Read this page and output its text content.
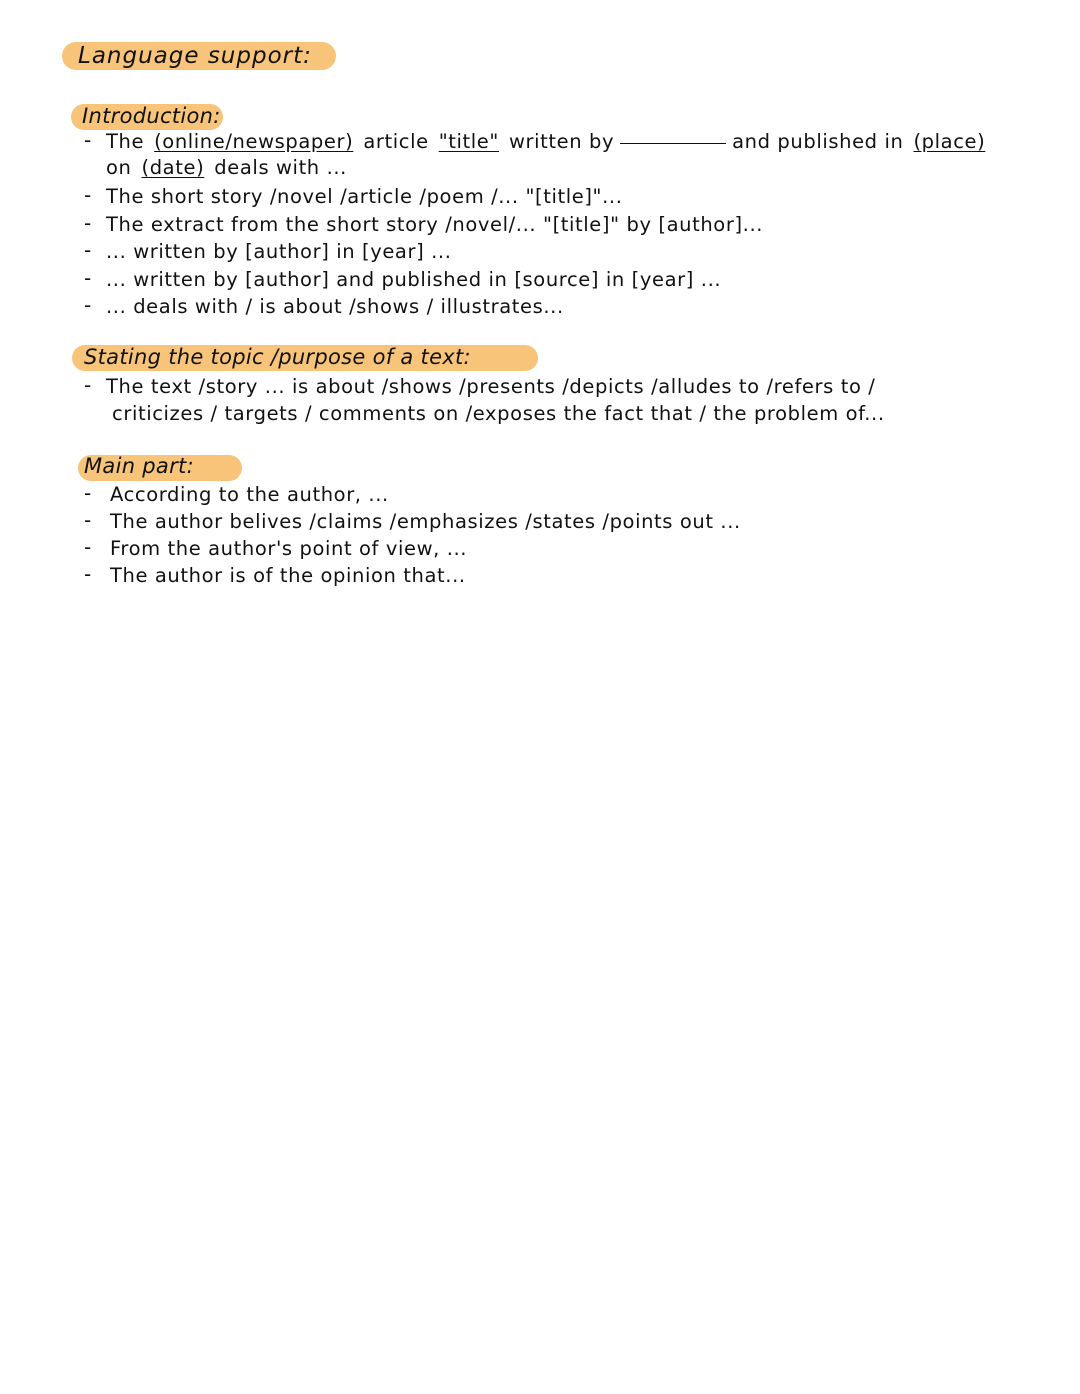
Language support:
Introduction:
- The (online/newspaper) article "title" written by	and published in (place)
on (date) deals with ...
- The short story /novel /article /poem /... "[title]"...
- The extract from the short story /novel/... "[title]" by [author]...
- ... written by [author] in [year] ...
- ... written by [author] and published in [source] in [year] ...
- ... deals with / is about /shows / illustrates...
Stating the topic /purpose of a text:
- The text /story ... is about /shows /presents /depicts /alludes to /refers to /
criticizes / targets / comments on /exposes the fact that / the problem of...
Main part:
- According to the author, ...
- The author belives /claims /emphasizes /states /points out ...
- From the author's point of view, ...
- The author is of the opinion that...
